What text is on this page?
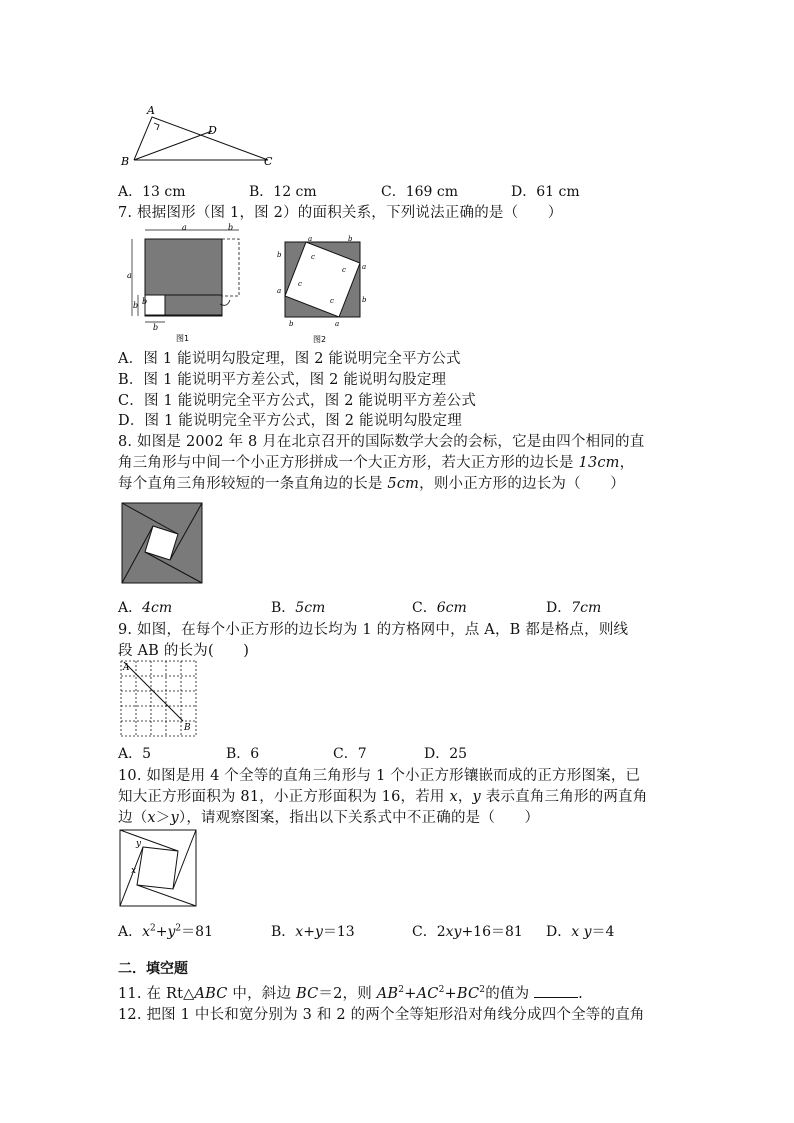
A
D
B	C
A．13 cm	B．12 cm	C．169 cm	D．61 cm
7. 根据图形（图 1，图 2）的面积关系，下列说法正确的是（　　）
a	b
a
b
b
b
图1
a	b
c
c a
b
c
c
a
b
b	a
图2
A．图 1 能说明勾股定理，图 2 能说明完全平方公式
B．图 1 能说明平方差公式，图 2 能说明勾股定理
C．图 1 能说明完全平方公式，图 2 能说明平方差公式
D．图 1 能说明完全平方公式，图 2 能说明勾股定理
8. 如图是 2002 年 8 月在北京召开的国际数学大会的会标，它是由四个相同的直
角三角形与中间一个小正方形拼成一个大正方形，若大正方形的边长是 13cm，
每个直角三角形较短的一条直角边的长是 5cm，则小正方形的边长为（　　）
A．4cm	B．5cm	C．6cm	D．7cm
9. 如图，在每个小正方形的边长均为 1 的方格网中，点 A，B 都是格点，则线
段 AB 的长为(　　)
A
B
A．5	B．6	C．7	D．25
10. 如图是用 4 个全等的直角三角形与 1 个小正方形镶嵌而成的正方形图案，已
知大正方形面积为 81，小正方形面积为 16，若用 x，y 表示直角三角形的两直角
边（x＞y），请观察图案，指出以下关系式中不正确的是（　　）
y
x
A．$x^2+y^2=81$	B．x+y＝13	C．2xy+16＝81 D．x y＝4
二．填空题
11. 在 Rt△ABC 中，斜边 BC＝2，则 $AB^2+AC^2+BC^2$的值为	.
12. 把图 1 中长和宽分别为 3 和 2 的两个全等矩形沿对角线分成四个全等的直角
